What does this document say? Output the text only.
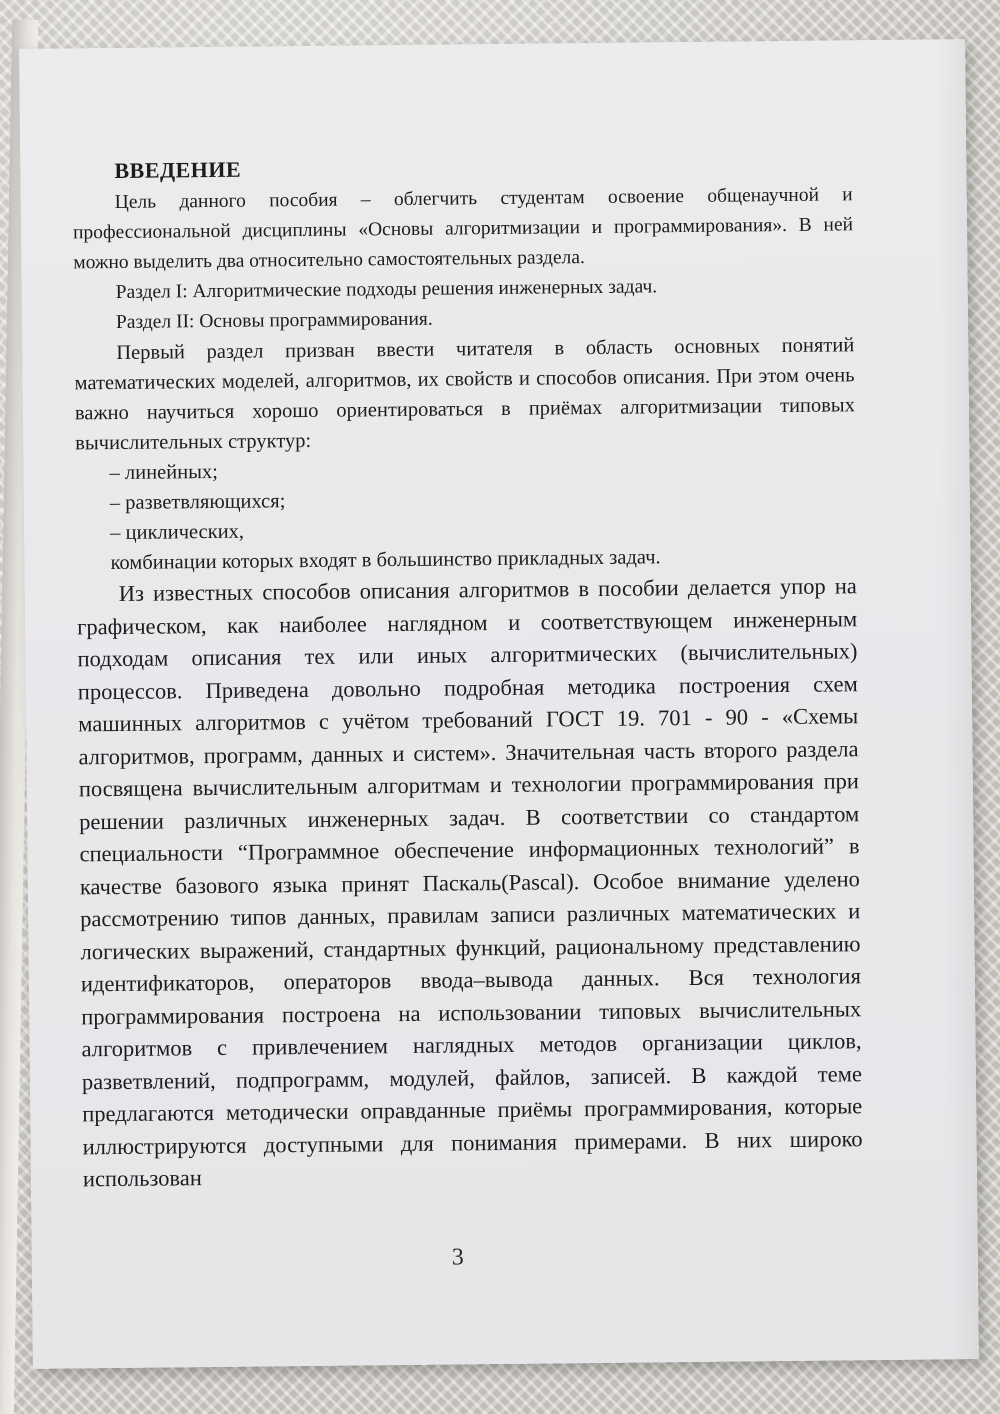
ВВЕДЕНИЕ

Цель данного пособия – облегчить студентам освоение общенаучной и профессиональной дисциплины «Основы алгоритмизации и программирования». В ней можно выделить два относительно самостоятельных раздела.

Раздел I: Алгоритмические подходы решения инженерных задач.

Раздел II: Основы программирования.

Первый раздел призван ввести читателя в область основных понятий математических моделей, алгоритмов, их свойств и способов описания. При этом очень важно научиться хорошо ориентироваться в приёмах алгоритмизации типовых вычислительных структур:

– линейных;
– разветвляющихся;
– циклических,
комбинации которых входят в большинство прикладных задач.

Из известных способов описания алгоритмов в пособии делается упор на графическом, как наиболее наглядном и соответствующем инженерным подходам описания тех или иных алгоритмических (вычислительных) процессов. Приведена довольно подробная методика построения схем машинных алгоритмов с учётом требований ГОСТ 19. 701 - 90 - «Схемы алгоритмов, программ, данных и систем». Значительная часть второго раздела посвящена вычислительным алгоритмам и технологии программирования при решении различных инженерных задач. В соответствии со стандартом специальности “Программное обеспечение информационных технологий” в качестве базового языка принят Паскаль(Pascal). Особое внимание уделено рассмотрению типов данных, правилам записи различных математических и логических выражений, стандартных функций, рациональному представлению идентификаторов, операторов ввода–вывода данных. Вся технология программирования построена на использовании типовых вычислительных алгоритмов с привлечением наглядных методов организации циклов, разветвлений, подпрограмм, модулей, файлов, записей. В каждой теме предлагаются методически оправданные приёмы программирования, которые иллюстрируются доступными для понимания примерами. В них широко использован

3
